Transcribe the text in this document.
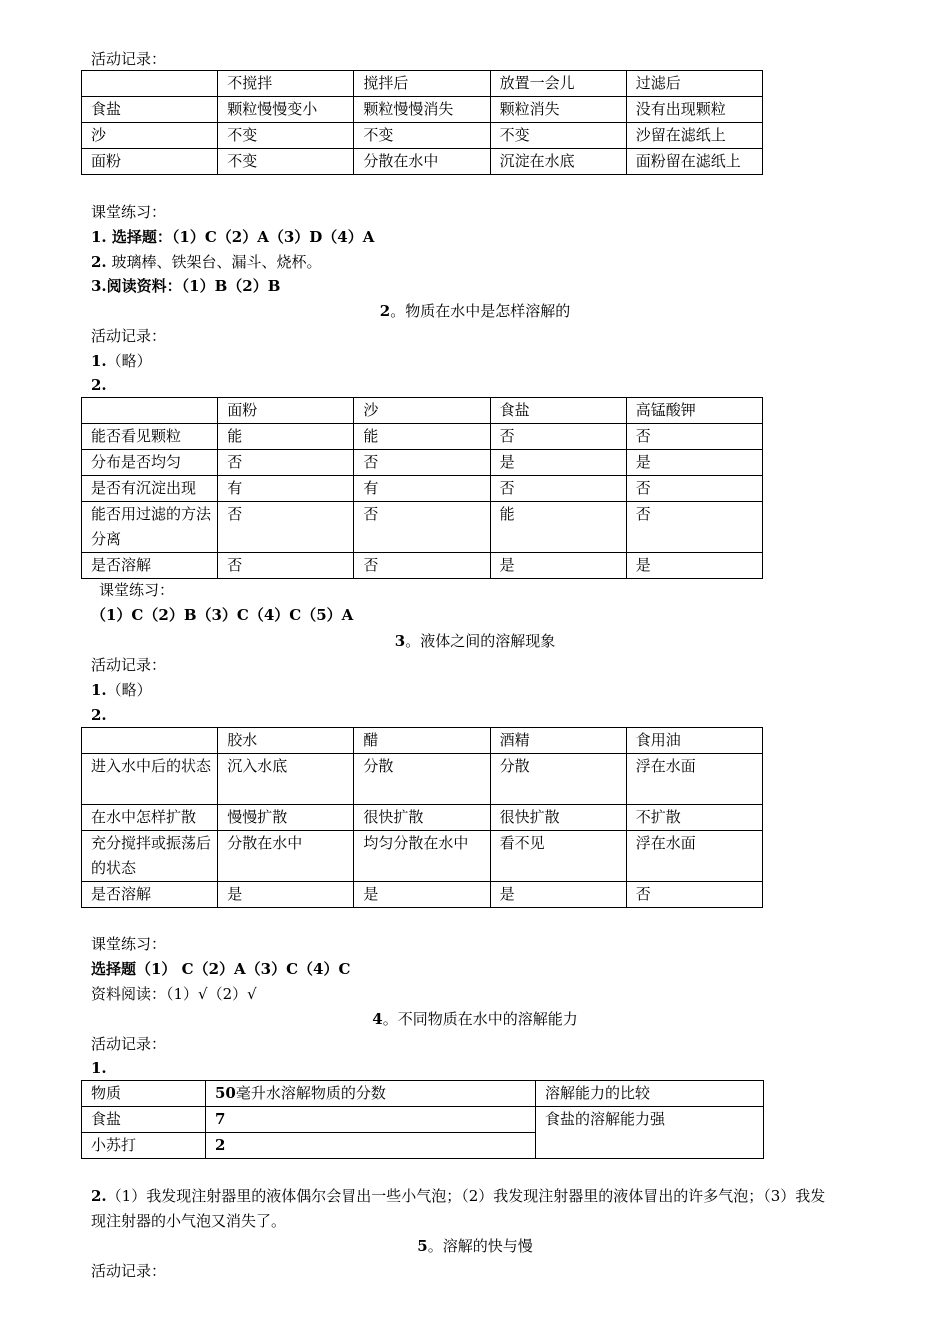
活动记录：
	不搅拌	搅拌后	放置一会儿	过滤后
食盐	颗粒慢慢变小	颗粒慢慢消失	颗粒消失	没有出现颗粒
沙	不变	不变	不变	沙留在滤纸上
面粉	不变	分散在水中	沉淀在水底	面粉留在滤纸上
课堂练习：
1. 选择题：（1）C（2）A（3）D（4）A
2. 玻璃棒、铁架台、漏斗、烧杯。
3.阅读资料：（1）B（2）B
2。物质在水中是怎样溶解的
活动记录：
1.（略）
2.
	面粉	沙	食盐	高锰酸钾
能否看见颗粒	能	能	否	否
分布是否均匀	否	否	是	是
是否有沉淀出现	有	有	否	否
能否用过滤的方法分离	否	否	能	否
是否溶解	否	否	是	是
课堂练习：
（1）C（2）B（3）C（4）C（5）A
3。液体之间的溶解现象
活动记录：
1.（略）
2.
	胶水	醋	酒精	食用油
进入水中后的状态	沉入水底	分散	分散	浮在水面
在水中怎样扩散	慢慢扩散	很快扩散	很快扩散	不扩散
充分搅拌或振荡后的状态	分散在水中	均匀分散在水中	看不见	浮在水面
是否溶解	是	是	是	否
课堂练习：
选择题（1） C（2）A（3）C（4）C
资料阅读：（1）√（2）√
4。不同物质在水中的溶解能力
活动记录：
1.
物质	50毫升水溶解物质的分数	溶解能力的比较
食盐	7	食盐的溶解能力强
小苏打	2	
2.（1）我发现注射器里的液体偶尔会冒出一些小气泡；（2）我发现注射器里的液体冒出的许多气泡；（3）我发
现注射器的小气泡又消失了。
5。溶解的快与慢
活动记录：
